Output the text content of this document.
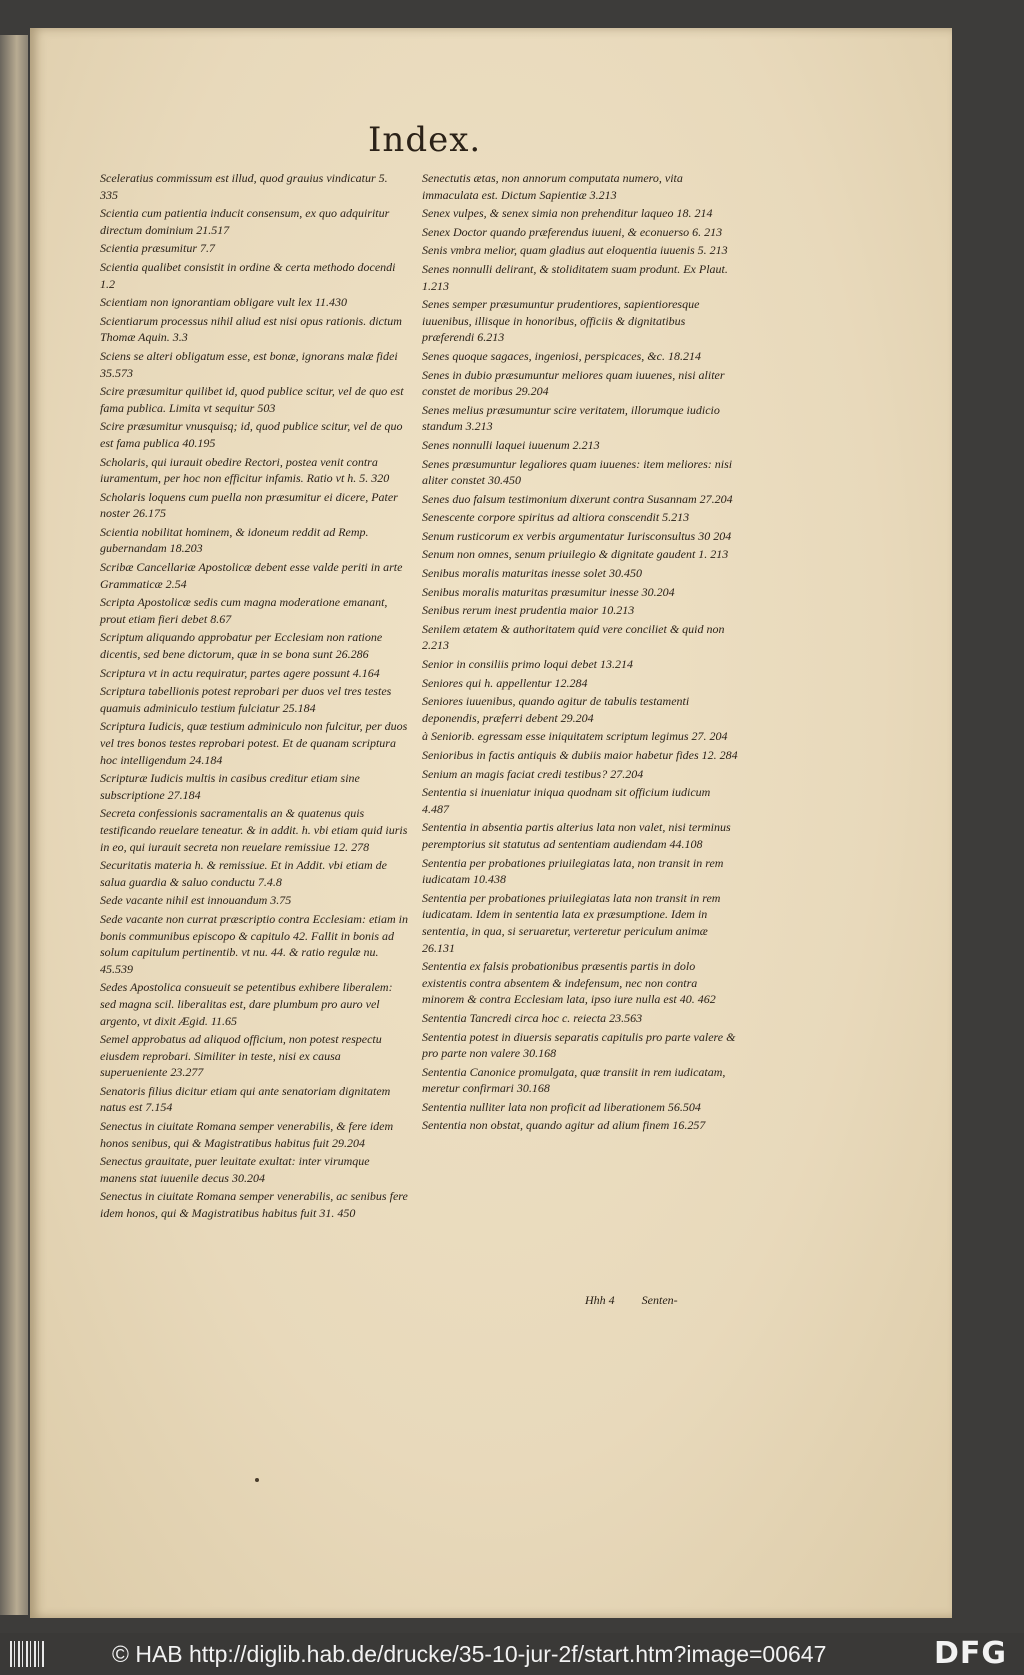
Index.
Sceleratius commissum est illud, quod grauius vindicatur 5. 335
Scientia cum patientia inducit consensum, ex quo adquiritur directum dominium 21.517
Scientia præsumitur 7.7
Scientia qualibet consistit in ordine & certa methodo docendi 1.2
Scientiam non ignorantiam obligare vult lex 11.430
Scientiarum processus nihil aliud est nisi opus rationis. dictum Thomæ Aquin. 3.3
Sciens se alteri obligatum esse, est bonæ, ignorans malæ fidei 35.573
Scire præsumitur quilibet id, quod publice scitur, vel de quo est fama publica. Limita vt sequitur 503
Scire præsumitur vnusquisq; id, quod publice scitur, vel de quo est fama publica 40.195
Scholaris, qui iurauit obedire Rectori, postea venit contra iuramentum, per hoc non efficitur infamis. Ratio vt h. 5. 320
Scholaris loquens cum puella non præsumitur ei dicere, Pater noster 26.175
Scientia nobilitat hominem, & idoneum reddit ad Remp. gubernandam 18.203
Scribæ Cancellariæ Apostolicæ debent esse valde periti in arte Grammaticæ 2.54
Scripta Apostolicæ sedis cum magna moderatione emanant, prout etiam fieri debet 8.67
Scriptum aliquando approbatur per Ecclesiam non ratione dicentis, sed bene dictorum, quæ in se bona sunt 26.286
Scriptura vt in actu requiratur, partes agere possunt 4.164
Scriptura tabellionis potest reprobari per duos vel tres testes quamuis adminiculo testium fulciatur 25.184
Scriptura Iudicis, quæ testium adminiculo non fulcitur, per duos vel tres bonos testes reprobari potest. Et de quanam scriptura hoc intelligendum 24.184
Scripturæ Iudicis multis in casibus creditur etiam sine subscriptione 27.184
Secreta confessionis sacramentalis an & quatenus quis testificando reuelare teneatur. & in addit. h. vbi etiam quid iuris in eo, qui iurauit secreta non reuelare remissiue 12. 278
Securitatis materia h. & remissiue. Et in Addit. vbi etiam de salua guardia & saluo conductu 7.4.8
Sede vacante nihil est innouandum 3.75
Sede vacante non currat præscriptio contra Ecclesiam: etiam in bonis communibus episcopo & capitulo 42. Fallit in bonis ad solum capitulum pertinentib. vt nu. 44. & ratio regulæ nu. 45.539
Sedes Apostolica consueuit se petentibus exhibere liberalem: sed magna scil. liberalitas est, dare plumbum pro auro vel argento, vt dixit Ægid. 11.65
Semel approbatus ad aliquod officium, non potest respectu eiusdem reprobari. Similiter in teste, nisi ex causa superueniente 23.277
Senatoris filius dicitur etiam qui ante senatoriam dignitatem natus est 7.154
Senectus in ciuitate Romana semper venerabilis, & fere idem honos senibus, qui & Magistratibus habitus fuit 29.204
Senectus grauitate, puer leuitate exultat: inter virumque manens stat iuuenile decus 30.204
Senectus in ciuitate Romana semper venerabilis, ac senibus fere idem honos, qui & Magistratibus habitus fuit 31. 450
Senectutis ætas, non annorum computata numero, vita immaculata est. Dictum Sapientiæ 3.213
Senex vulpes, & senex simia non prehenditur laqueo 18. 214
Senex Doctor quando præferendus iuueni, & econuerso 6. 213
Senis vmbra melior, quam gladius aut eloquentia iuuenis 5. 213
Senes nonnulli delirant, & stoliditatem suam produnt. Ex Plaut. 1.213
Senes semper præsumuntur prudentiores, sapientioresque iuuenibus, illisque in honoribus, officiis & dignitatibus præferendi 6.213
Senes quoque sagaces, ingeniosi, perspicaces, &c. 18.214
Senes in dubio præsumuntur meliores quam iuuenes, nisi aliter constet de moribus 29.204
Senes melius præsumuntur scire veritatem, illorumque iudicio standum 3.213
Senes nonnulli laquei iuuenum 2.213
Senes præsumuntur legaliores quam iuuenes: item meliores: nisi aliter constet 30.450
Senes duo falsum testimonium dixerunt contra Susannam 27.204
Senescente corpore spiritus ad altiora conscendit 5.213
Senum rusticorum ex verbis argumentatur Iurisconsultus 30 204
Senum non omnes, senum priuilegio & dignitate gaudent 1. 213
Senibus moralis maturitas inesse solet 30.450
Senibus moralis maturitas præsumitur inesse 30.204
Senibus rerum inest prudentia maior 10.213
Senilem ætatem & authoritatem quid vere conciliet & quid non 2.213
Senior in consiliis primo loqui debet 13.214
Seniores qui h. appellentur 12.284
Seniores iuuenibus, quando agitur de tabulis testamenti deponendis, præferri debent 29.204
à Seniorib. egressam esse iniquitatem scriptum legimus 27. 204
Senioribus in factis antiquis & dubiis maior habetur fides 12. 284
Senium an magis faciat credi testibus? 27.204
Sententia si inueniatur iniqua quodnam sit officium iudicum 4.487
Sententia in absentia partis alterius lata non valet, nisi terminus peremptorius sit statutus ad sententiam audiendam 44.108
Sententia per probationes priuilegiatas lata, non transit in rem iudicatam 10.438
Sententia per probationes priuilegiatas lata non transit in rem iudicatam. Idem in sententia lata ex præsumptione. Idem in sententia, in qua, si seruaretur, verteretur periculum animæ 26.131
Sententia ex falsis probationibus præsentis partis in dolo existentis contra absentem & indefensum, nec non contra minorem & contra Ecclesiam lata, ipso iure nulla est 40. 462
Sententia Tancredi circa hoc c. reiecta 23.563
Sententia potest in diuersis separatis capitulis pro parte valere & pro parte non valere 30.168
Sententia Canonice promulgata, quæ transiit in rem iudicatam, meretur confirmari 30.168
Sententia nulliter lata non proficit ad liberationem 56.504
Sententia non obstat, quando agitur ad alium finem 16.257
Hhh 4 Senten-
© HAB http://diglib.hab.de/drucke/35-10-jur-2f/start.htm?image=00647	DFG
